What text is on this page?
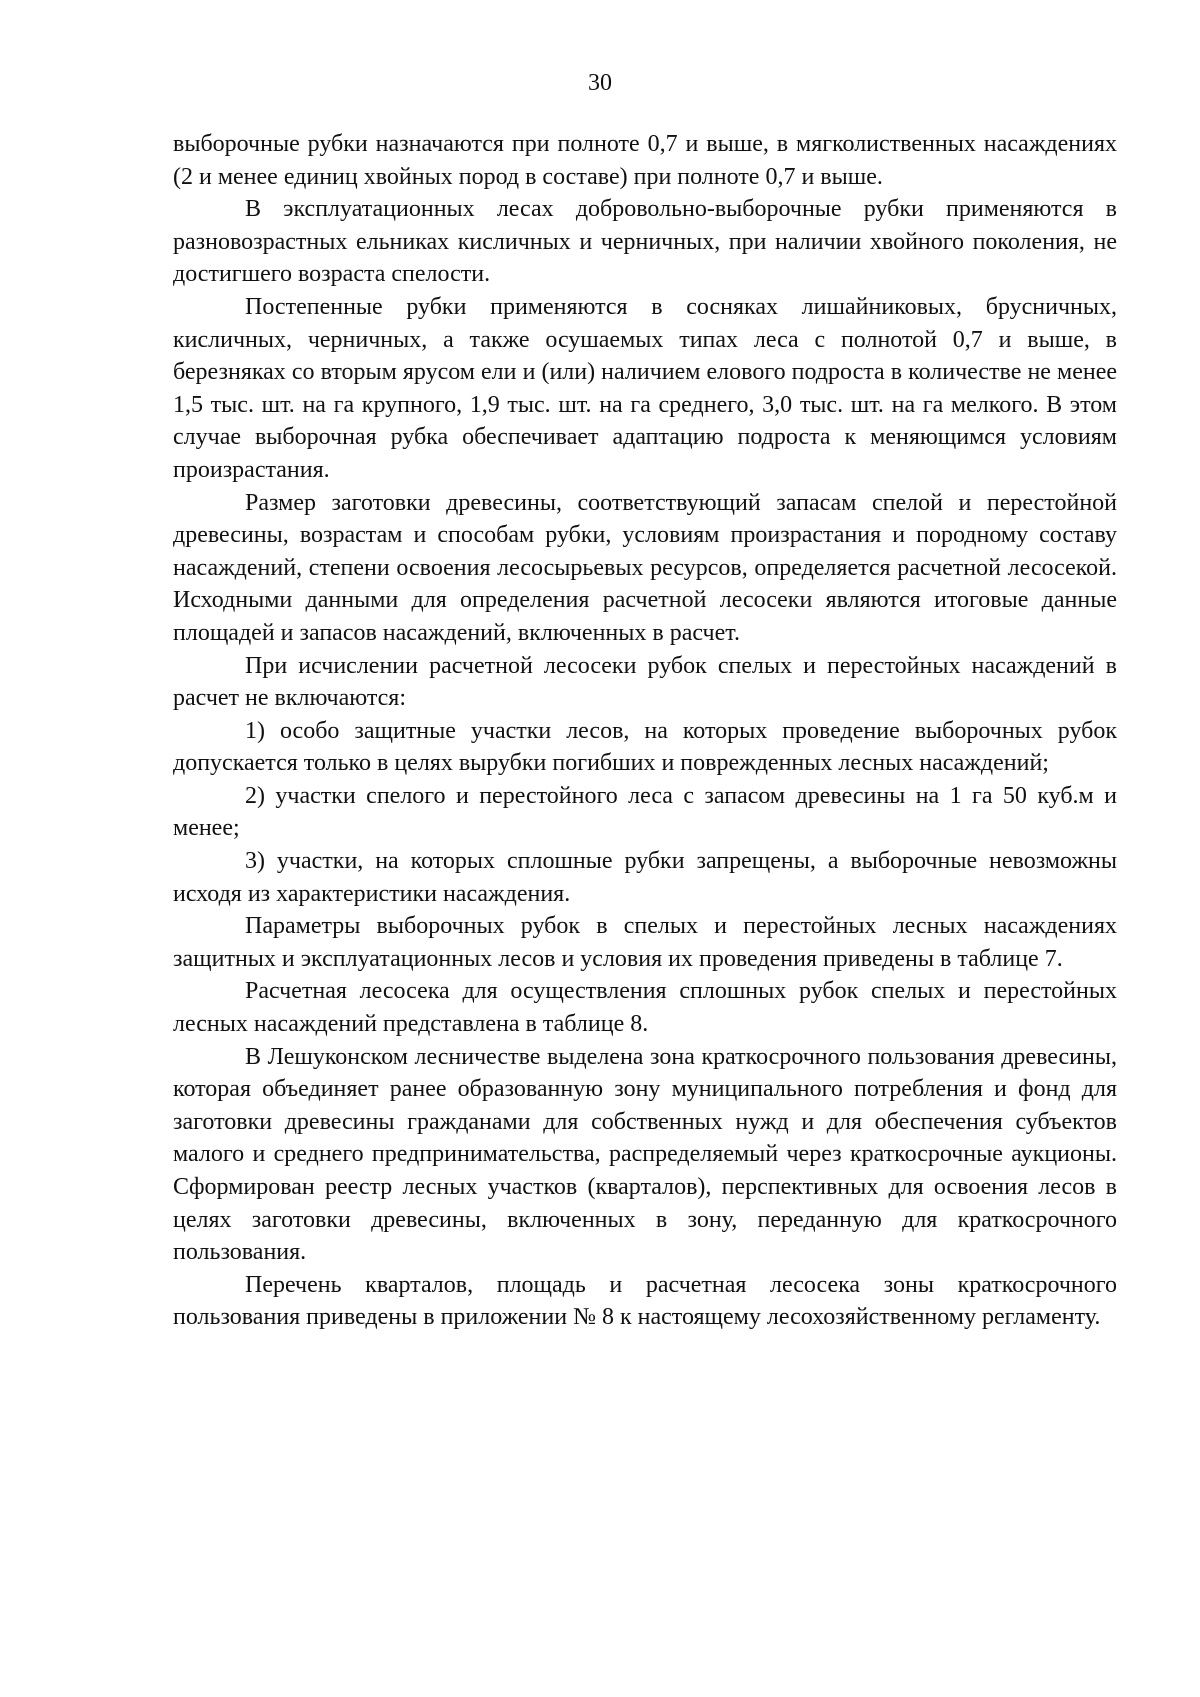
30

выборочные рубки назначаются при полноте 0,7 и выше, в мягколиственных насаждениях (2 и менее единиц хвойных пород в составе) при полноте 0,7 и выше.

В эксплуатационных лесах добровольно-выборочные рубки применяются в разновозрастных ельниках кисличных и черничных, при наличии хвойного поколения, не достигшего возраста спелости.

Постепенные рубки применяются в сосняках лишайниковых, брусничных, кисличных, черничных, а также осушаемых типах леса с полнотой 0,7 и выше, в березняках со вторым ярусом ели и (или) наличием елового подроста в количестве не менее 1,5 тыс. шт. на га крупного, 1,9 тыс. шт. на га среднего, 3,0 тыс. шт. на га мелкого. В этом случае выборочная рубка обеспечивает адаптацию подроста к меняющимся условиям произрастания.

Размер заготовки древесины, соответствующий запасам спелой и перестойной древесины, возрастам и способам рубки, условиям произрастания и породному составу насаждений, степени освоения лесосырьевых ресурсов, определяется расчетной лесосекой. Исходными данными для определения расчетной лесосеки являются итоговые данные площадей и запасов насаждений, включенных в расчет.

При исчислении расчетной лесосеки рубок спелых и перестойных насаждений в расчет не включаются:

1) особо защитные участки лесов, на которых проведение выборочных рубок допускается только в целях вырубки погибших и поврежденных лесных насаждений;

2) участки спелого и перестойного леса с запасом древесины на 1 га 50 куб.м и менее;

3) участки, на которых сплошные рубки запрещены, а выборочные невозможны исходя из характеристики насаждения.

Параметры выборочных рубок в спелых и перестойных лесных насаждениях защитных и эксплуатационных лесов и условия их проведения приведены в таблице 7.

Расчетная лесосека для осуществления сплошных рубок спелых и перестойных лесных насаждений представлена в таблице 8.

В Лешуконском лесничестве выделена зона краткосрочного пользования древесины, которая объединяет ранее образованную зону муниципального потребления и фонд для заготовки древесины гражданами для собственных нужд и для обеспечения субъектов малого и среднего предпринимательства, распределяемый через краткосрочные аукционы. Сформирован реестр лесных участков (кварталов), перспективных для освоения лесов в целях заготовки древесины, включенных в зону, переданную для краткосрочного пользования.

Перечень кварталов, площадь и расчетная лесосека зоны краткосрочного пользования приведены в приложении № 8 к настоящему лесохозяйственному регламенту.
